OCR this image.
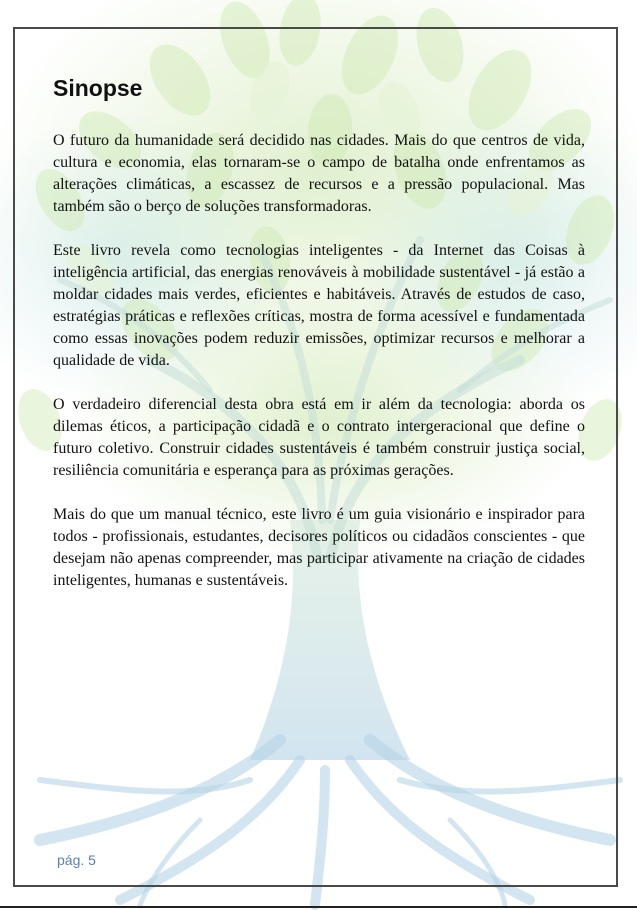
Sinopse

O futuro da humanidade será decidido nas cidades. Mais do que centros de vida, cultura e economia, elas tornaram-se o campo de batalha onde enfrentamos as alterações climáticas, a escassez de recursos e a pressão populacional. Mas também são o berço de soluções transformadoras.

Este livro revela como tecnologias inteligentes - da Internet das Coisas à inteligência artificial, das energias renováveis à mobilidade sustentável - já estão a moldar cidades mais verdes, eficientes e habitáveis. Através de estudos de caso, estratégias práticas e reflexões críticas, mostra de forma acessível e fundamentada como essas inovações podem reduzir emissões, optimizar recursos e melhorar a qualidade de vida.

O verdadeiro diferencial desta obra está em ir além da tecnologia: aborda os dilemas éticos, a participação cidadã e o contrato intergeracional que define o futuro coletivo. Construir cidades sustentáveis é também construir justiça social, resiliência comunitária e esperança para as próximas gerações.

Mais do que um manual técnico, este livro é um guia visionário e inspirador para todos - profissionais, estudantes, decisores políticos ou cidadãos conscientes - que desejam não apenas compreender, mas participar ativamente na criação de cidades inteligentes, humanas e sustentáveis.

pág. 5
